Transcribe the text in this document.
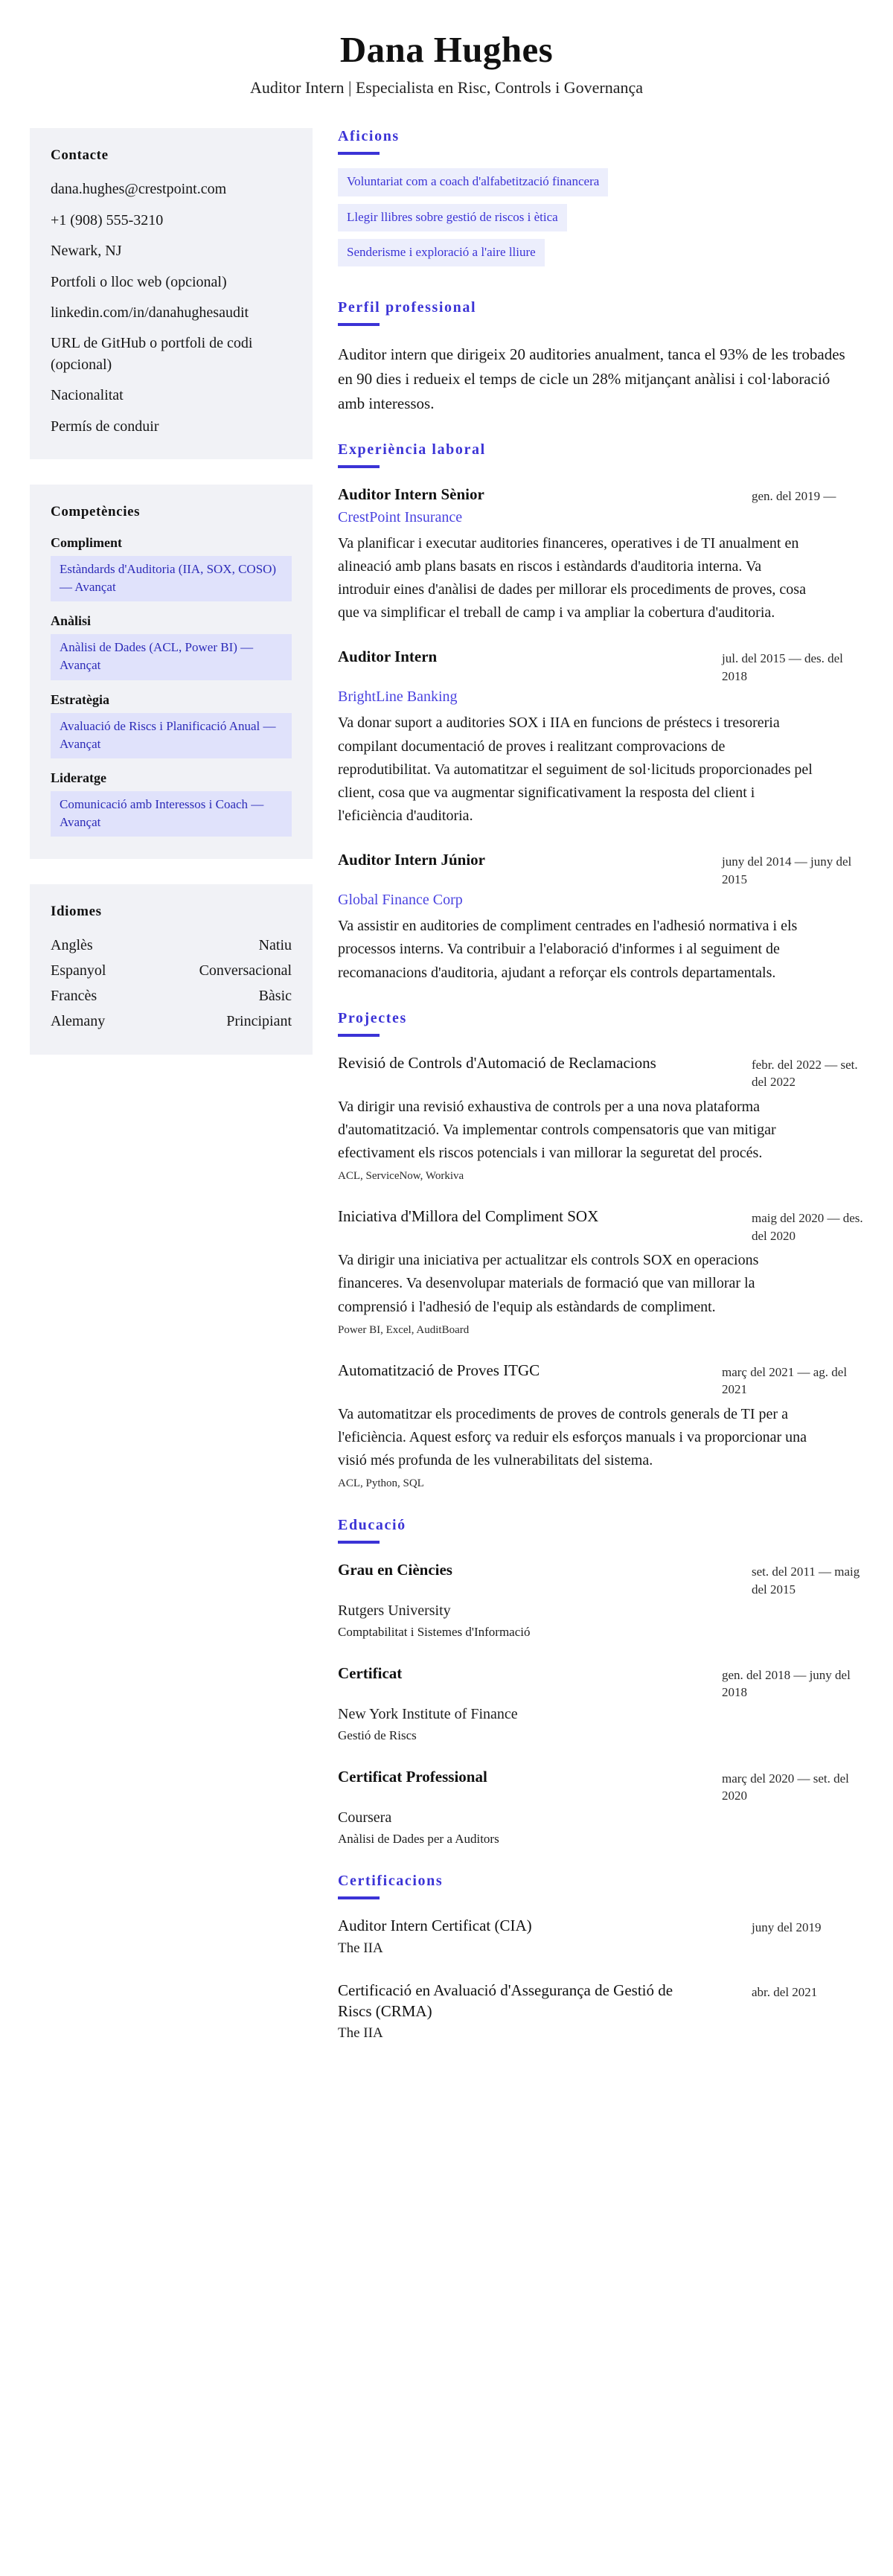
Dana Hughes
Auditor Intern | Especialista en Risc, Controls i Governança
Contacte
dana.hughes@crestpoint.com
+1 (908) 555-3210
Newark, NJ
Portfoli o lloc web (opcional)
linkedin.com/in/danahughesaudit
URL de GitHub o portfoli de codi (opcional)
Nacionalitat
Permís de conduir
Competències
Compliment
Estàndards d'Auditoria (IIA, SOX, COSO) — Avançat
Anàlisi
Anàlisi de Dades (ACL, Power BI) — Avançat
Estratègia
Avaluació de Riscs i Planificació Anual — Avançat
Lideratge
Comunicació amb Interessos i Coach — Avançat
Idiomes
Anglès	Natiu
Espanyol	Conversacional
Francès	Bàsic
Alemany	Principiant
Aficions
Voluntariat com a coach d'alfabetització financera
Llegir llibres sobre gestió de riscos i ètica
Senderisme i exploració a l'aire lliure
Perfil professional

Auditor intern que dirigeix 20 auditories anualment, tanca el 93% de les trobades en 90 dies i redueix el temps de cicle un 28% mitjançant anàlisi i col·laboració amb interessos.

Experiència laboral
Auditor Intern Sènior	gen. del 2019 —
CrestPoint Insurance
Va planificar i executar auditories financeres, operatives i de TI anualment en alineació amb plans basats en riscos i estàndards d'auditoria interna. Va introduir eines d'anàlisi de dades per millorar els procediments de proves, cosa que va simplificar el treball de camp i va ampliar la cobertura d'auditoria.
Auditor Intern	jul. del 2015 — des. del 2018
BrightLine Banking
Va donar suport a auditories SOX i IIA en funcions de préstecs i tresoreria compilant documentació de proves i realitzant comprovacions de reprodutibilitat. Va automatitzar el seguiment de sol·licituds proporcionades pel client, cosa que va augmentar significativament la resposta del client i l'eficiència d'auditoria.
Auditor Intern Júnior	juny del 2014 — juny del 2015
Global Finance Corp
Va assistir en auditories de compliment centrades en l'adhesió normativa i els processos interns. Va contribuir a l'elaboració d'informes i al seguiment de recomanacions d'auditoria, ajudant a reforçar els controls departamentals.
Projectes
Revisió de Controls d'Automació de Reclamacions	febr. del 2022 — set. del 2022
Va dirigir una revisió exhaustiva de controls per a una nova plataforma d'automatització. Va implementar controls compensatoris que van mitigar efectivament els riscos potencials i van millorar la seguretat del procés.
ACL, ServiceNow, Workiva
Iniciativa d'Millora del Compliment SOX	maig del 2020 — des. del 2020
Va dirigir una iniciativa per actualitzar els controls SOX en operacions financeres. Va desenvolupar materials de formació que van millorar la comprensió i l'adhesió de l'equip als estàndards de compliment.
Power BI, Excel, AuditBoard
Automatització de Proves ITGC	març del 2021 — ag. del 2021
Va automatitzar els procediments de proves de controls generals de TI per a l'eficiència. Aquest esforç va reduir els esforços manuals i va proporcionar una visió més profunda de les vulnerabilitats del sistema.
ACL, Python, SQL
Educació
Grau en Ciències	set. del 2011 — maig del 2015
Rutgers University
Comptabilitat i Sistemes d'Informació
Certificat	gen. del 2018 — juny del 2018
New York Institute of Finance
Gestió de Riscs
Certificat Professional	març del 2020 — set. del 2020
Coursera
Anàlisi de Dades per a Auditors
Certificacions
Auditor Intern Certificat (CIA)	juny del 2019
The IIA
Certificació en Avaluació d'Assegurança de Gestió de Riscs (CRMA)
abr. del 2021
The IIA
